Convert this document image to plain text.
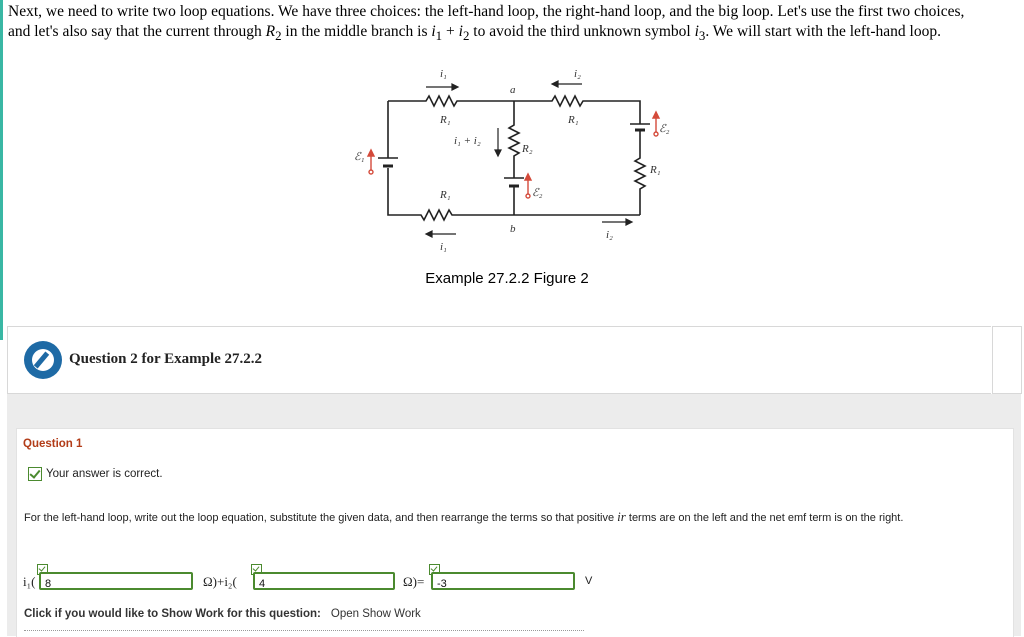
Next, we need to write two loop equations. We have three choices: the left-hand loop, the right-hand loop, and the big loop. Let's use the first two choices,
and let's also say that the current through $R_2$ in the middle branch is $i_1 + i_2$ to avoid the third unknown symbol $i_3$. We will start with the left-hand loop.

i₁
a
i₂
R₁	R₁
i₁ + i₂
R₂
ℰ₁
ℰ₂
R₁
ℰ₂
R₁
b
i₁
i₂
Example 27.2.2 Figure 2
Question 2 for Example 27.2.2
Question 1
Your answer is correct.
For the left-hand loop, write out the loop equation, substitute the given data, and then rearrange the terms so that positive ir terms are on the left and the net emf term is on the right.
i₁( 8	Ω)+i₂(	4	Ω)=	-3	V
Click if you would like to Show Work for this question: Open Show Work
